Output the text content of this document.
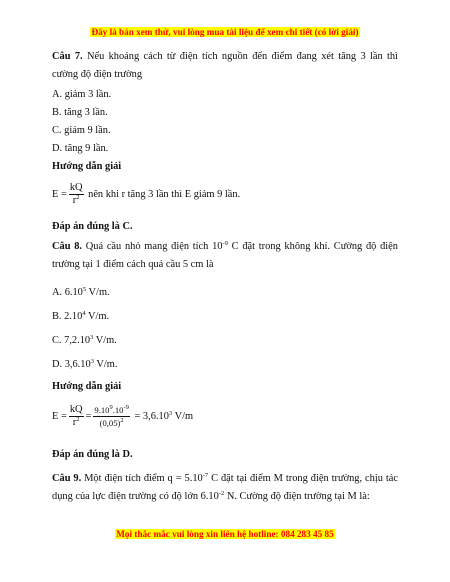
Đây là bản xem thử, vui lòng mua tài liệu để xem chi tiết (có lời giải)
Câu 7. Nếu khoảng cách từ điện tích nguồn đến điểm đang xét tăng 3 lần thì cường độ điện trường
A. giảm 3 lần.
B. tăng 3 lần.
C. giảm 9 lần.
D. tăng 9 lần.
Hướng dẫn giải
$E = \frac{kQ}{r^2}$ nên khi r tăng 3 lần thì E giảm 9 lần.
Đáp án đúng là C.
Câu 8. Quả cầu nhỏ mang điện tích $10^{-9}$ C đặt trong không khí. Cường độ điện trường tại 1 điểm cách quả cầu 5 cm là
A. 6.10$^5$ V/m.
B. 2.10$^4$ V/m.
C. 7,2.10$^3$ V/m.
D. 3,6.10$^3$ V/m.
Hướng dẫn giải
$E = \frac{kQ}{r^2} = \frac{9.10^9.10^{-9}}{(0,05)^2} = 3,6.10^3$ V/m
Đáp án đúng là D.
Câu 9. Một điện tích điểm $q = 5.10^{-7}$ C đặt tại điểm M trong điện trường, chịu tác dụng của lực điện trường có độ lớn $6.10^{-2}$ N. Cường độ điện trường tại M là:
Mọi thắc mắc vui lòng xin liên hệ hotline: 084 283 45 85
